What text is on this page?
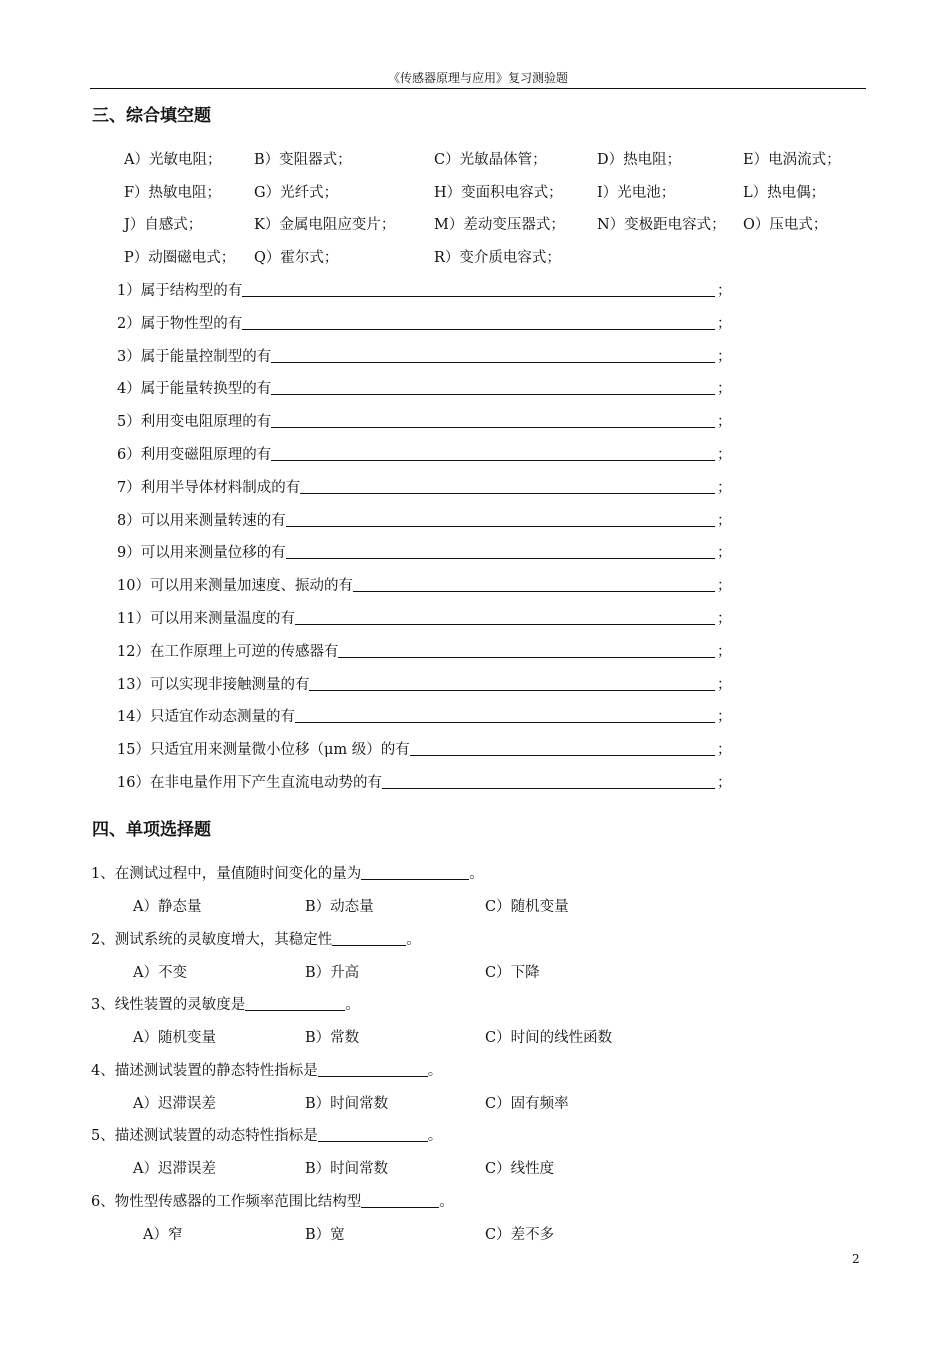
《传感器原理与应用》复习测验题
三、综合填空题
A）光敏电阻； B）变阻器式；	C）光敏晶体管；	D）热电阻；	E）电涡流式；
F）热敏电阻； G）光纤式；	H）变面积电容式； I）光电池；	L）热电偶；
J）自感式；	K）金属电阻应变片；	M）差动变压器式； N）变极距电容式； O）压电式；
P）动圈磁电式； Q）霍尔式；	R）变介质电容式；
1）属于结构型的有	；
2）属于物性型的有	；
3）属于能量控制型的有	；
4）属于能量转换型的有	；
5）利用变电阻原理的有	；
6）利用变磁阻原理的有	；
7）利用半导体材料制成的有	；
8）可以用来测量转速的有	；
9）可以用来测量位移的有	；
10）可以用来测量加速度、振动的有	；
11）可以用来测量温度的有	；
12）在工作原理上可逆的传感器有	；
13）可以实现非接触测量的有	；
14）只适宜作动态测量的有	；
15）只适宜用来测量微小位移（μm 级）的有	；
16）在非电量作用下产生直流电动势的有	；
四、单项选择题
1、在测试过程中，量值随时间变化的量为	。
A）静态量	B）动态量	C）随机变量
2、测试系统的灵敏度增大，其稳定性	。
A）不变	B）升高	C）下降
3、线性装置的灵敏度是	。
A）随机变量	B）常数	C）时间的线性函数
4、描述测试装置的静态特性指标是	。
A）迟滞误差	B）时间常数	C）固有频率
5、描述测试装置的动态特性指标是	。
A）迟滞误差	B）时间常数	C）线性度
6、物性型传感器的工作频率范围比结构型	。
A）窄	B）宽	C）差不多
2
